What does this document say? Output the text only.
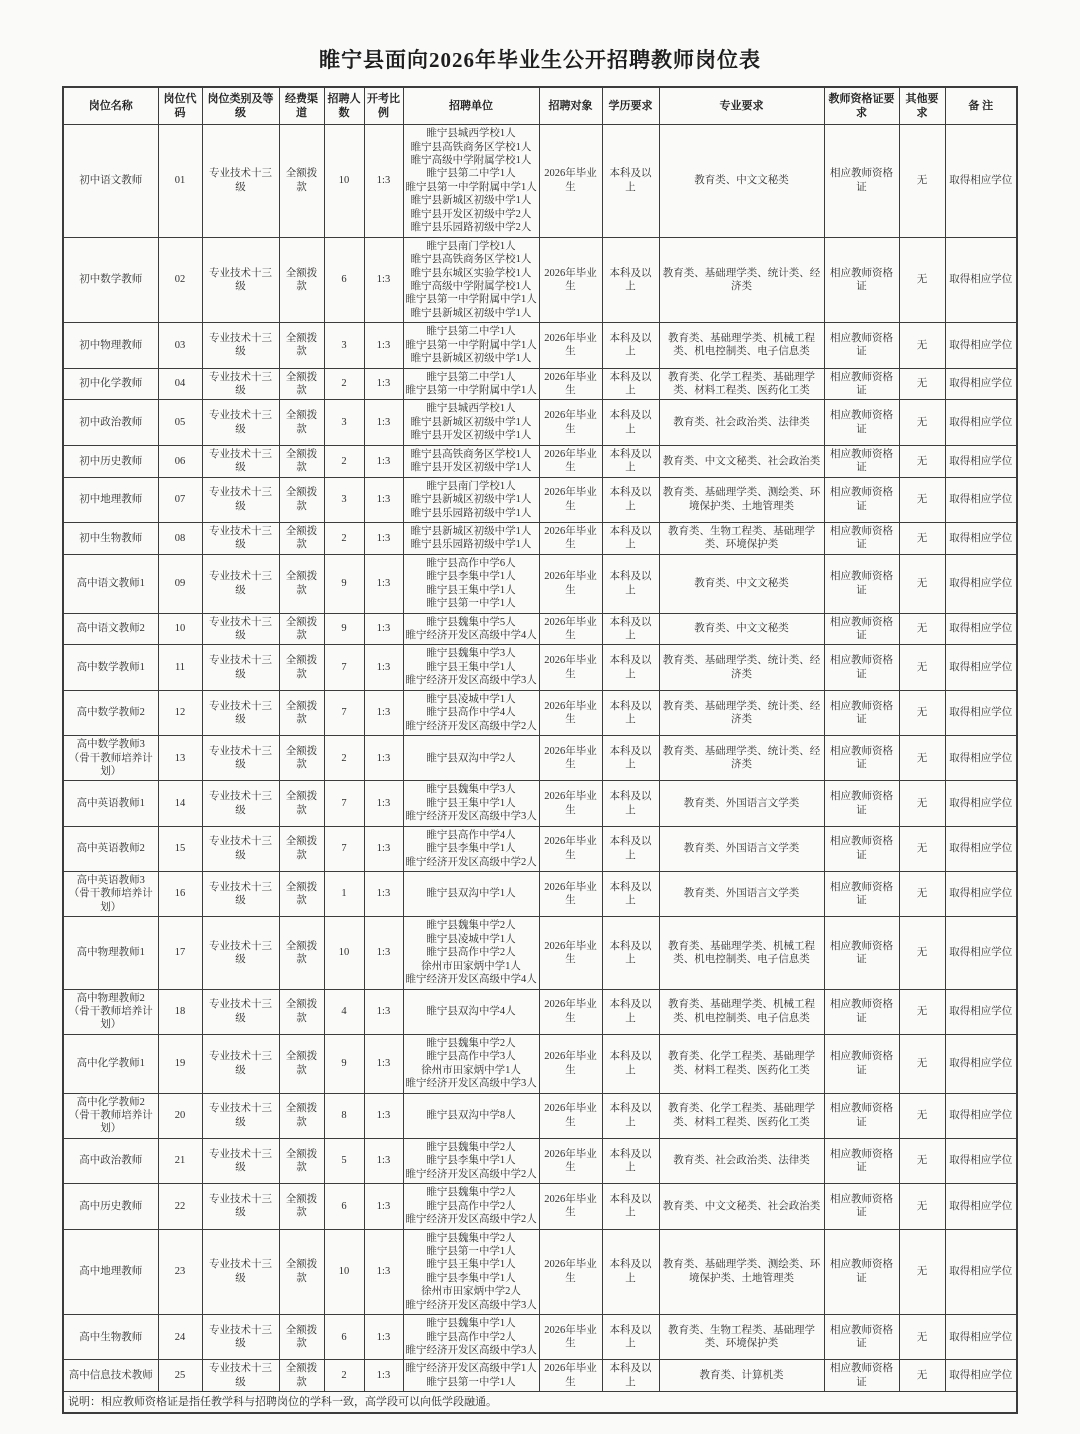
睢宁县面向2026年毕业生公开招聘教师岗位表
岗位名称	岗位代码	岗位类别及等级	经费渠道	招聘人数	开考比例	招聘单位	招聘对象	学历要求	专业要求	教师资格证要求	其他要求	备 注
初中语文教师	01	专业技术十三级	全额拨款	10	1:3	
睢宁县城西学校1人
睢宁县高铁商务区学校1人
睢宁高级中学附属学校1人
睢宁县第二中学1人
睢宁县第一中学附属中学1人
睢宁县新城区初级中学1人
睢宁县开发区初级中学2人
睢宁县乐园路初级中学2人
	2026年毕业生	本科及以上	教育类、中文文秘类	相应教师资格证	无	取得相应学位
初中数学教师	02	专业技术十三级	全额拨款	6	1:3	
睢宁县南门学校1人
睢宁县高铁商务区学校1人
睢宁县东城区实验学校1人
睢宁高级中学附属学校1人
睢宁县第一中学附属中学1人
睢宁县新城区初级中学1人
	2026年毕业生	本科及以上	教育类、基础理学类、统计类、经济类	相应教师资格证	无	取得相应学位
初中物理教师	03	专业技术十三级	全额拨款	3	1:3	睢宁县第二中学1人
睢宁县第一中学附属中学1人
睢宁县新城区初级中学1人	2026年毕业生	本科及以上	教育类、基础理学类、机械工程类、机电控制类、电子信息类	相应教师资格证	无	取得相应学位
初中化学教师	04	专业技术十三级	全额拨款	2	1:3	睢宁县第二中学1人
睢宁县第一中学附属中学1人	2026年毕业生	本科及以上	教育类、化学工程类、基础理学类、材料工程类、医药化工类	相应教师资格证	无	取得相应学位
初中政治教师	05	专业技术十三级	全额拨款	3	1:3	睢宁县城西学校1人
睢宁县新城区初级中学1人
睢宁县开发区初级中学1人	2026年毕业生	本科及以上	教育类、社会政治类、法律类	相应教师资格证	无	取得相应学位
初中历史教师	06	专业技术十三级	全额拨款	2	1:3	睢宁县高铁商务区学校1人
睢宁县开发区初级中学1人	2026年毕业生	本科及以上	教育类、中文文秘类、社会政治类	相应教师资格证	无	取得相应学位
初中地理教师	07	专业技术十三级	全额拨款	3	1:3	睢宁县南门学校1人
睢宁县新城区初级中学1人
睢宁县乐园路初级中学1人	2026年毕业生	本科及以上	教育类、基础理学类、测绘类、环境保护类、土地管理类	相应教师资格证	无	取得相应学位
初中生物教师	08	专业技术十三级	全额拨款	2	1:3	睢宁县新城区初级中学1人
睢宁县乐园路初级中学1人	2026年毕业生	本科及以上	教育类、生物工程类、基础理学类、环境保护类	相应教师资格证	无	取得相应学位
高中语文教师1	09	专业技术十三级	全额拨款	9	1:3	睢宁县高作中学6人
睢宁县李集中学1人
睢宁县王集中学1人
睢宁县第一中学1人	2026年毕业生	本科及以上	教育类、中文文秘类	相应教师资格证	无	取得相应学位
高中语文教师2	10	专业技术十三级	全额拨款	9	1:3	睢宁县魏集中学5人
睢宁经济开发区高级中学4人	2026年毕业生	本科及以上	教育类、中文文秘类	相应教师资格证	无	取得相应学位
高中数学教师1	11	专业技术十三级	全额拨款	7	1:3	睢宁县魏集中学3人
睢宁县王集中学1人
睢宁经济开发区高级中学3人	2026年毕业生	本科及以上	教育类、基础理学类、统计类、经济类	相应教师资格证	无	取得相应学位
高中数学教师2	12	专业技术十三级	全额拨款	7	1:3	睢宁县凌城中学1人
睢宁县高作中学4人
睢宁经济开发区高级中学2人	2026年毕业生	本科及以上	教育类、基础理学类、统计类、经济类	相应教师资格证	无	取得相应学位
高中数学教师3（骨干教师培养计划）	13	专业技术十三级	全额拨款	2	1:3	睢宁县双沟中学2人	2026年毕业生	本科及以上	教育类、基础理学类、统计类、经济类	相应教师资格证	无	取得相应学位
高中英语教师1	14	专业技术十三级	全额拨款	7	1:3	睢宁县魏集中学3人
睢宁县王集中学1人
睢宁经济开发区高级中学3人	2026年毕业生	本科及以上	教育类、外国语言文学类	相应教师资格证	无	取得相应学位
高中英语教师2	15	专业技术十三级	全额拨款	7	1:3	睢宁县高作中学4人
睢宁县李集中学1人
睢宁经济开发区高级中学2人	2026年毕业生	本科及以上	教育类、外国语言文学类	相应教师资格证	无	取得相应学位
高中英语教师3（骨干教师培养计划）	16	专业技术十三级	全额拨款	1	1:3	睢宁县双沟中学1人	2026年毕业生	本科及以上	教育类、外国语言文学类	相应教师资格证	无	取得相应学位
高中物理教师1	17	专业技术十三级	全额拨款	10	1:3	睢宁县魏集中学2人
睢宁县凌城中学1人
睢宁县高作中学2人
徐州市田家炳中学1人
睢宁经济开发区高级中学4人	2026年毕业生	本科及以上	教育类、基础理学类、机械工程类、机电控制类、电子信息类	相应教师资格证	无	取得相应学位
高中物理教师2（骨干教师培养计划）	18	专业技术十三级	全额拨款	4	1:3	睢宁县双沟中学4人	2026年毕业生	本科及以上	教育类、基础理学类、机械工程类、机电控制类、电子信息类	相应教师资格证	无	取得相应学位
高中化学教师1	19	专业技术十三级	全额拨款	9	1:3	睢宁县魏集中学2人
睢宁县高作中学3人
徐州市田家炳中学1人
睢宁经济开发区高级中学3人	2026年毕业生	本科及以上	教育类、化学工程类、基础理学类、材料工程类、医药化工类	相应教师资格证	无	取得相应学位
高中化学教师2（骨干教师培养计划）	20	专业技术十三级	全额拨款	8	1:3	睢宁县双沟中学8人	2026年毕业生	本科及以上	教育类、化学工程类、基础理学类、材料工程类、医药化工类	相应教师资格证	无	取得相应学位
高中政治教师	21	专业技术十三级	全额拨款	5	1:3	睢宁县魏集中学2人
睢宁县李集中学1人
睢宁经济开发区高级中学2人	2026年毕业生	本科及以上	教育类、社会政治类、法律类	相应教师资格证	无	取得相应学位
高中历史教师	22	专业技术十三级	全额拨款	6	1:3	睢宁县魏集中学2人
睢宁县高作中学2人
睢宁经济开发区高级中学2人	2026年毕业生	本科及以上	教育类、中文文秘类、社会政治类	相应教师资格证	无	取得相应学位
高中地理教师	23	专业技术十三级	全额拨款	10	1:3	
睢宁县魏集中学2人
睢宁县第一中学1人
睢宁县王集中学1人
睢宁县李集中学1人
徐州市田家炳中学2人
睢宁经济开发区高级中学3人
	2026年毕业生	本科及以上	教育类、基础理学类、测绘类、环境保护类、土地管理类	相应教师资格证	无	取得相应学位
高中生物教师	24	专业技术十三级	全额拨款	6	1:3	睢宁县魏集中学1人
睢宁县高作中学2人
睢宁经济开发区高级中学3人	2026年毕业生	本科及以上	教育类、生物工程类、基础理学类、环境保护类	相应教师资格证	无	取得相应学位
高中信息技术教师	25	专业技术十三级	全额拨款	2	1:3	睢宁经济开发区高级中学1人
睢宁县第一中学1人	2026年毕业生	本科及以上	教育类、计算机类	相应教师资格证	无	取得相应学位
说明：相应教师资格证是指任教学科与招聘岗位的学科一致，高学段可以向低学段融通。												
